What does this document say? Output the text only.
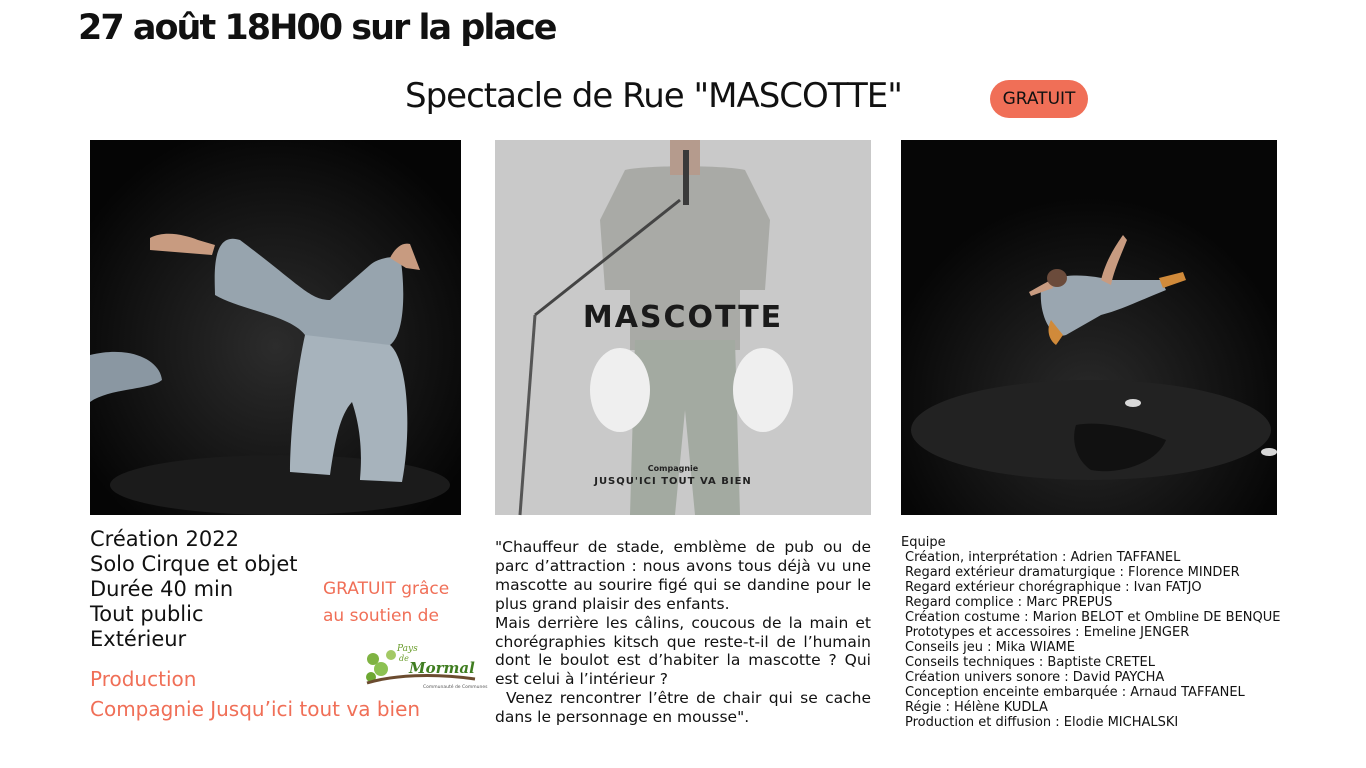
27 août 18H00 sur la place
Spectacle de Rue "MASCOTTE"	GRATUIT
MASCOTTE
Compagnie
JUSQU'ICI TOUT VA BIEN
Création 2022
Solo Cirque et objet
Durée 40 min
Tout public
Extérieur
GRATUIT grâce
au soutien de
Pays
de
Mormal
Communauté de Communes
Production
Compagnie Jusqu’ici tout va bien

"Chauffeur de stade, emblème de pub ou de parc d’attraction : nous avons tous déjà vu une mascotte au sourire figé qui se dandine pour le plus grand plaisir des enfants.

Mais derrière les câlins, coucous de la main et chorégraphies kitsch que reste-t-il de l’humain dont le boulot est d’habiter la mascotte ? Qui est celui à l’intérieur ?

Venez rencontrer l’être de chair qui se cache dans le personnage en mousse".

Equipe
Création, interprétation : Adrien TAFFANEL
Regard extérieur dramaturgique : Florence MINDER
Regard extérieur chorégraphique : Ivan FATJO
Regard complice : Marc PREPUS
Création costume : Marion BELOT et Ombline DE BENQUE
Prototypes et accessoires : Emeline JENGER
Conseils jeu : Mika WIAME
Conseils techniques : Baptiste CRETEL
Création univers sonore : David PAYCHA
Conception enceinte embarquée : Arnaud TAFFANEL
Régie : Hélène KUDLA
Production et diffusion : Elodie MICHALSKI
